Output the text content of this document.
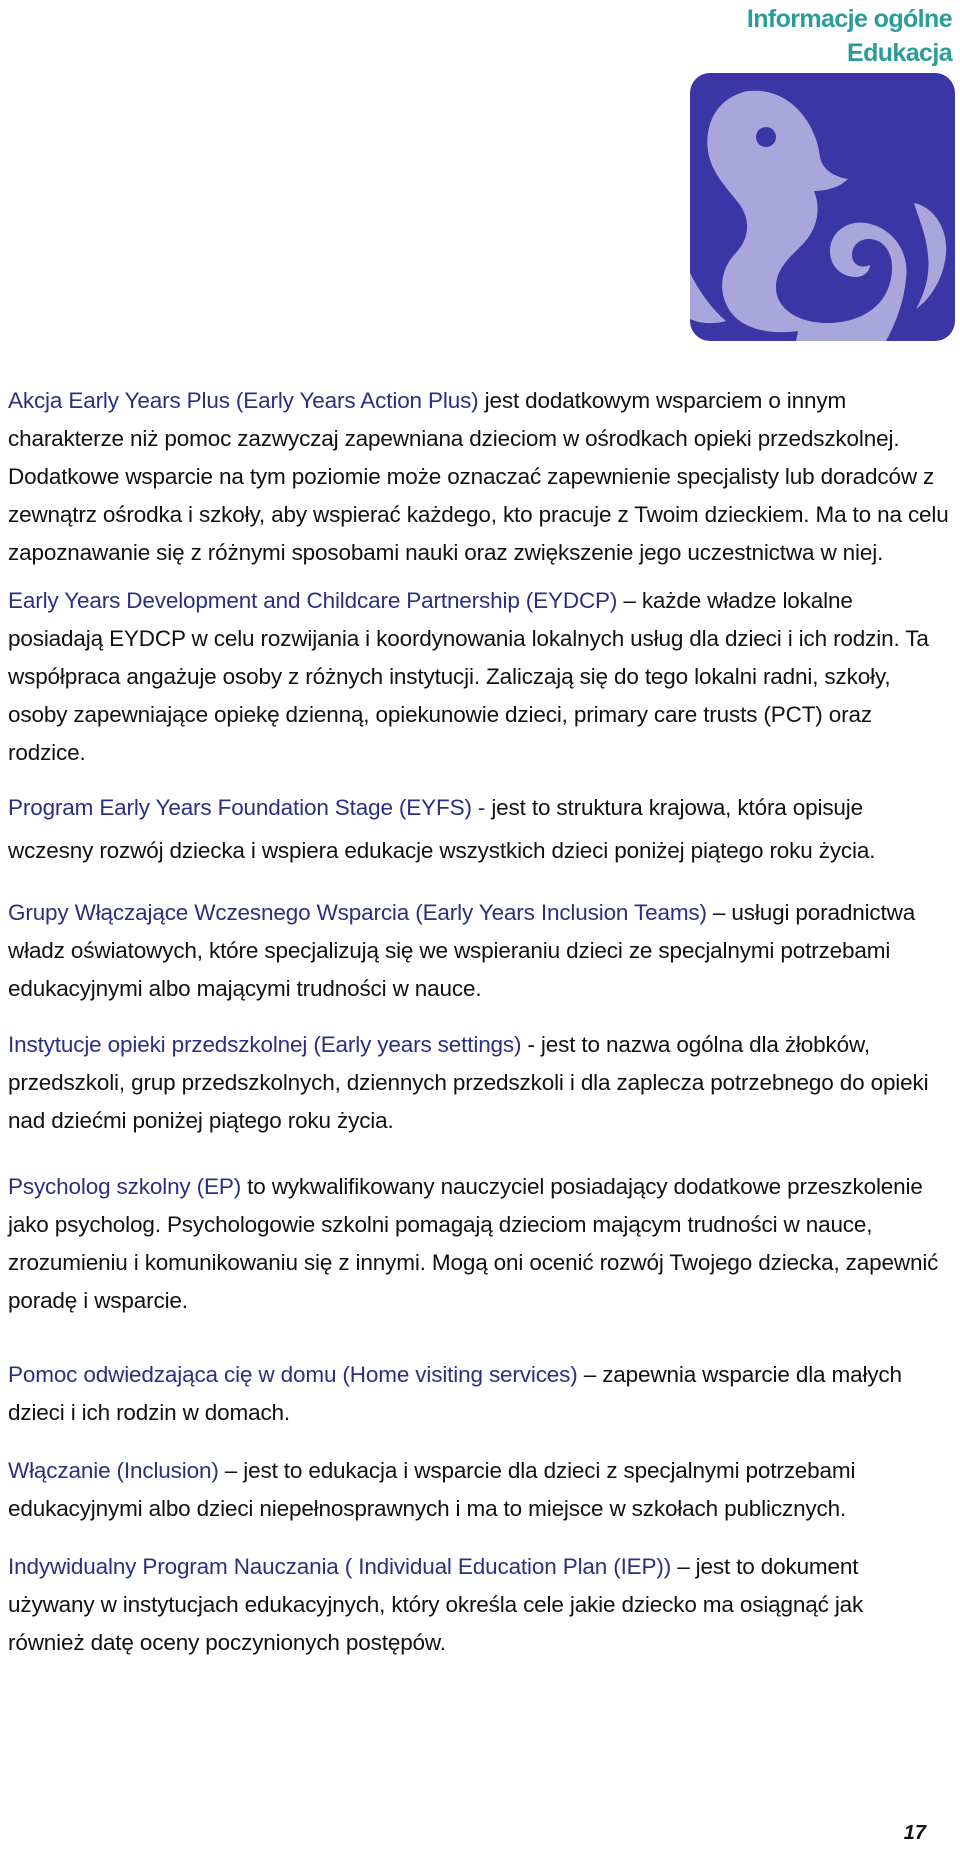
Informacje ogólne
Edukacja

Akcja Early Years Plus (Early Years Action Plus) jest dodatkowym wsparciem o innym charakterze niż pomoc zazwyczaj zapewniana dzieciom w ośrodkach opieki przedszkolnej. Dodatkowe wsparcie na tym poziomie może oznaczać zapewnienie specjalisty lub doradców z zewnątrz ośrodka i szkoły, aby wspierać każdego, kto pracuje z Twoim dzieckiem. Ma to na celu zapoznawanie się z różnymi sposobami nauki oraz zwiększenie jego uczestnictwa w niej.

Early Years Development and Childcare Partnership (EYDCP) – każde władze lokalne posiadają EYDCP w celu rozwijania i koordynowania lokalnych usług dla dzieci i ich rodzin. Ta współpraca angażuje osoby z różnych instytucji. Zaliczają się do tego lokalni radni, szkoły, osoby zapewniające opiekę dzienną, opiekunowie dzieci, primary care trusts (PCT) oraz rodzice.

Program Early Years Foundation Stage (EYFS) - jest to struktura krajowa, która opisuje wczesny rozwój dziecka i wspiera edukacje wszystkich dzieci poniżej piątego roku życia.

Grupy Włączające Wczesnego Wsparcia (Early Years Inclusion Teams) – usługi poradnictwa władz oświatowych, które specjalizują się we wspieraniu dzieci ze specjalnymi potrzebami edukacyjnymi albo mającymi trudności w nauce.

Instytucje opieki przedszkolnej (Early years settings) - jest to nazwa ogólna dla żłobków, przedszkoli, grup przedszkolnych, dziennych przedszkoli i dla zaplecza potrzebnego do opieki nad dziećmi poniżej piątego roku życia.

Psycholog szkolny (EP) to wykwalifikowany nauczyciel posiadający dodatkowe przeszkolenie jako psycholog. Psychologowie szkolni pomagają dzieciom mającym trudności w nauce, zrozumieniu i komunikowaniu się z innymi. Mogą oni ocenić rozwój Twojego dziecka, zapewnić poradę i wsparcie.

Pomoc odwiedzająca cię w domu (Home visiting services) – zapewnia wsparcie dla małych dzieci i ich rodzin w domach.

Włączanie (Inclusion) – jest to edukacja i wsparcie dla dzieci z specjalnymi potrzebami edukacyjnymi albo dzieci niepełnosprawnych i ma to miejsce w szkołach publicznych.

Indywidualny Program Nauczania ( Individual Education Plan (IEP)) – jest to dokument używany w instytucjach edukacyjnych, który określa cele jakie dziecko ma osiągnąć jak również datę oceny poczynionych postępów.

17
